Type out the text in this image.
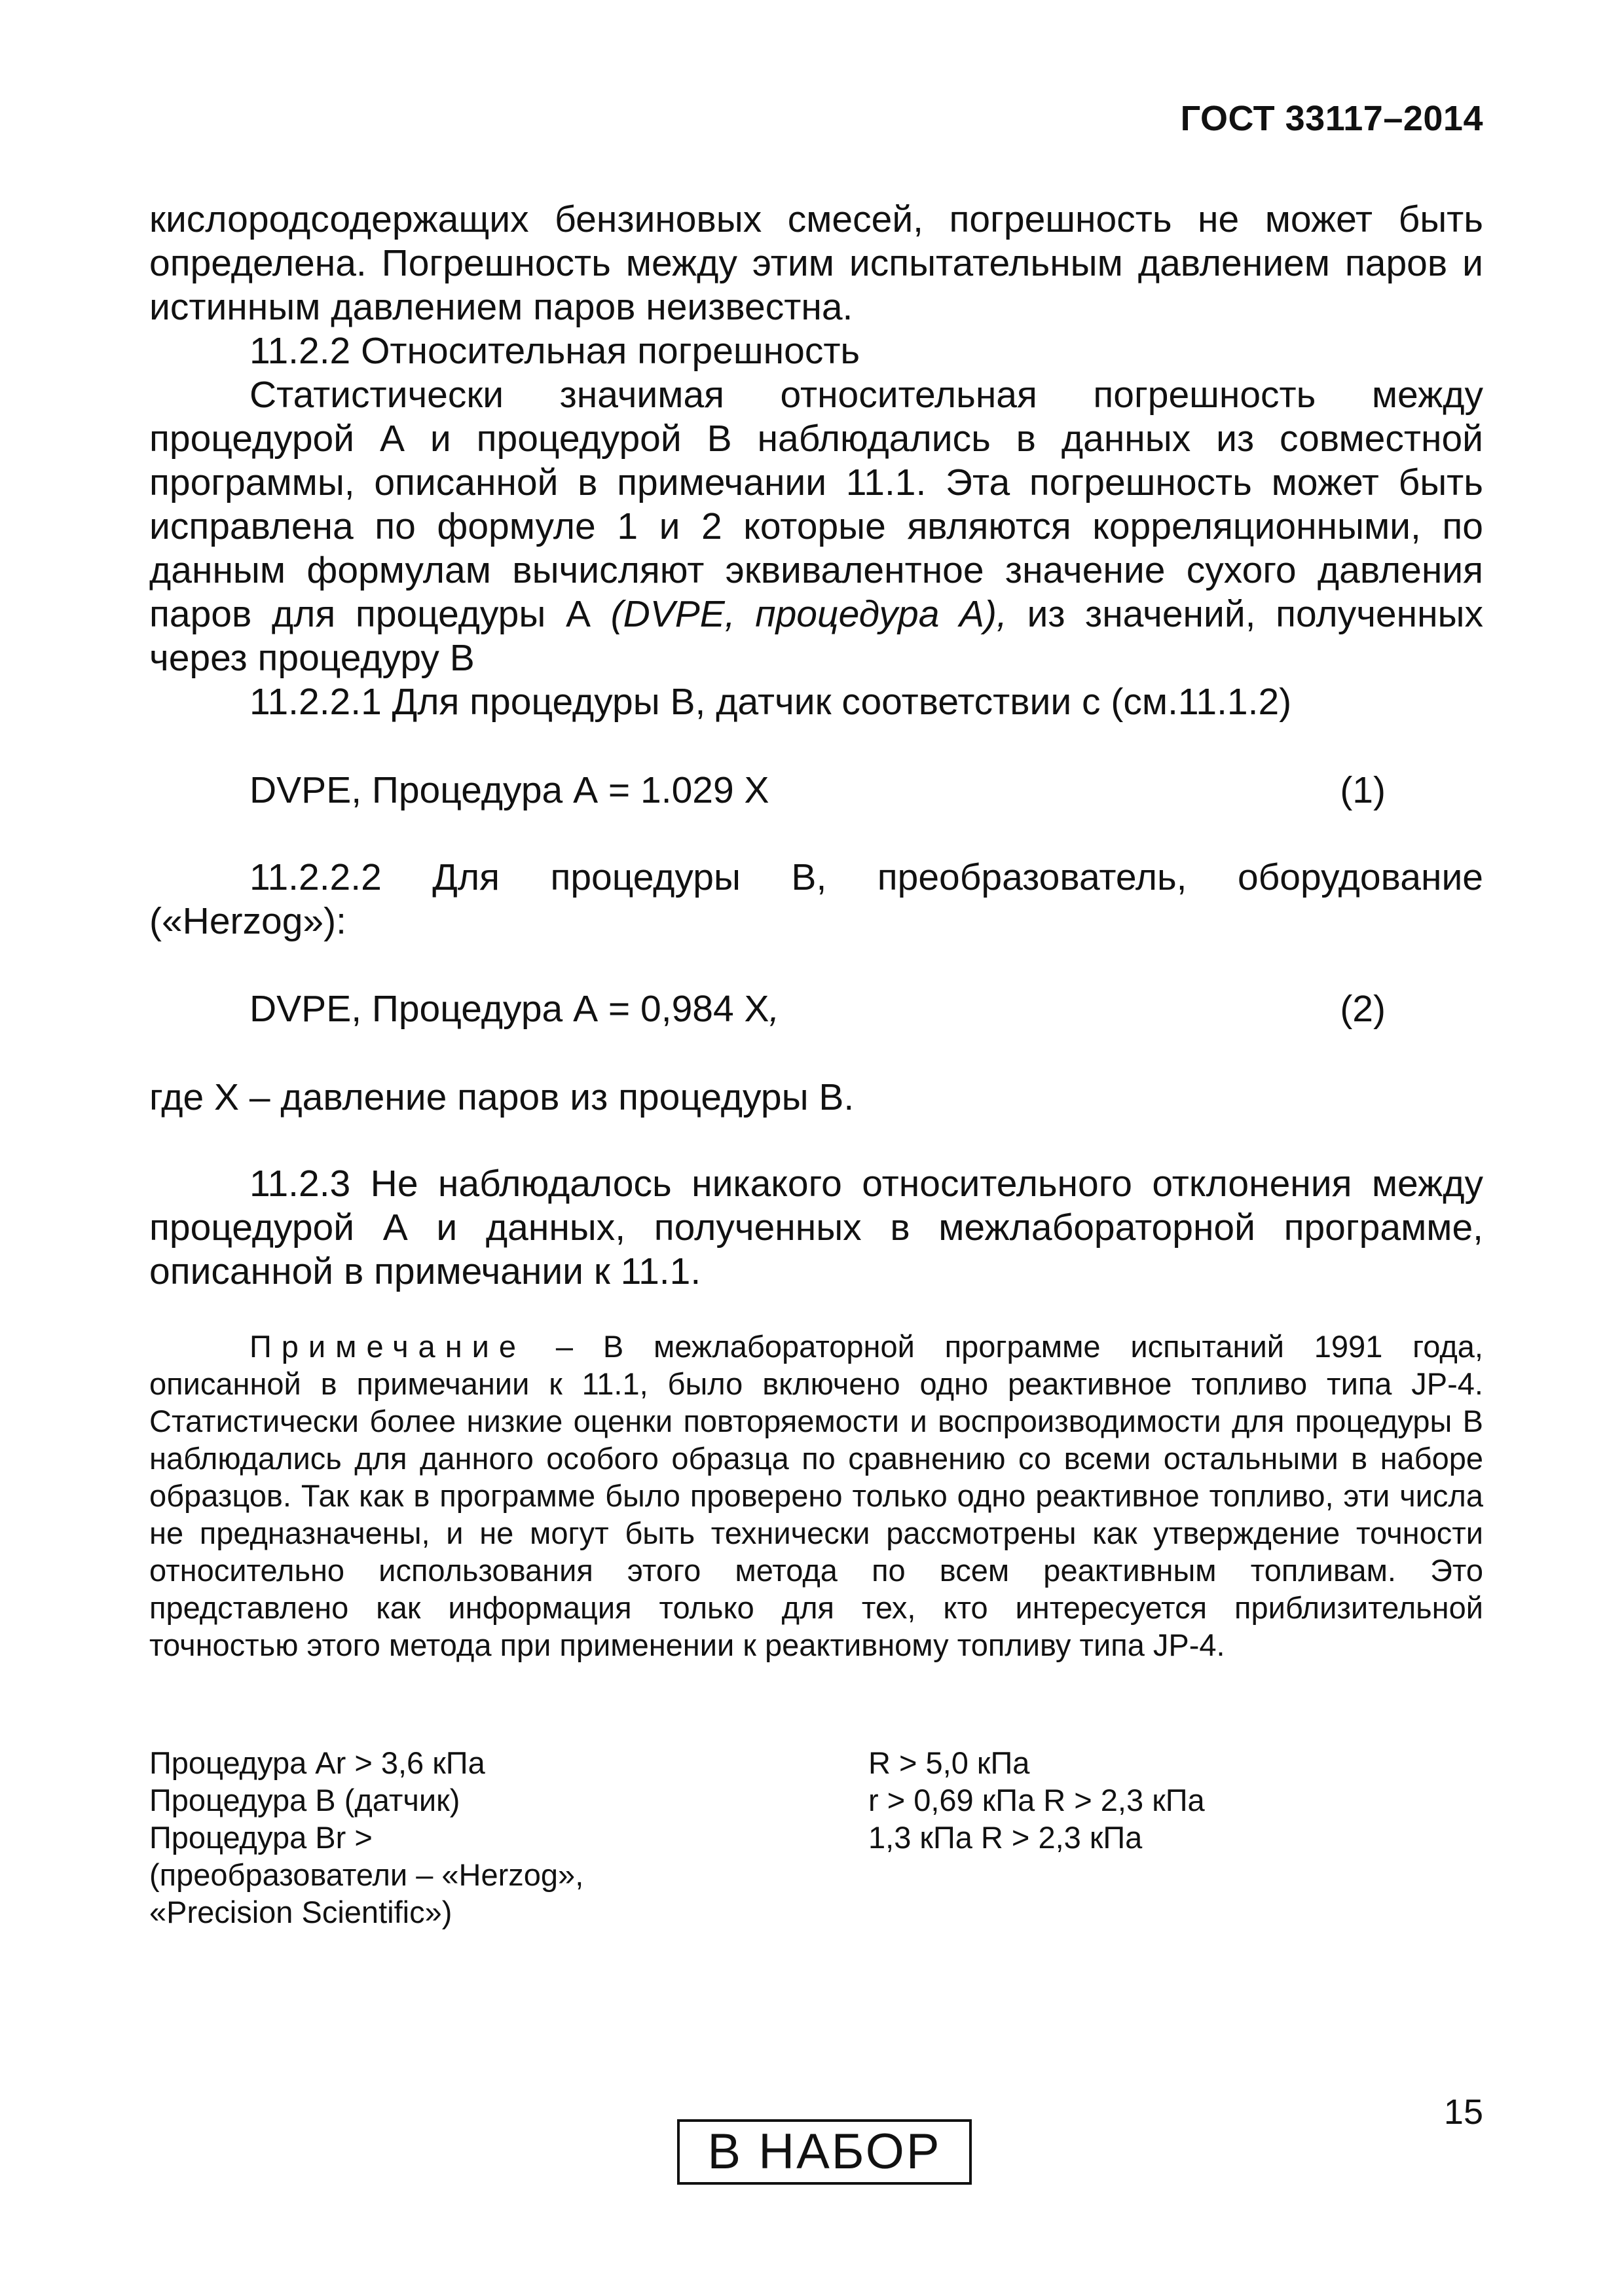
ГОСТ 33117–2014

кислородсодержащих бензиновых смесей, погрешность не может быть определена. Погрешность между этим испытательным давлением паров и истинным давлением паров неизвестна.

11.2.2 Относительная погрешность

Статистически значимая относительная погрешность между процедурой А и процедурой В наблюдались в данных из совместной программы, описанной в примечании 11.1. Эта погрешность может быть исправлена по формуле 1 и 2 которые являются корреляционными, по данным формулам вычисляют эквивалентное значение сухого давления паров для процедуры А (DVPE, процедура А), из значений, полученных через процедуру В

11.2.2.1 Для процедуры В, датчик соответствии с (см.11.1.2)

DVPE, Процедура А = 1.029 Х	(1)

11.2.2.2 Для процедуры В, преобразователь, оборудование («Herzog»):

DVPE, Процедура А = 0,984 Х,	(2)

где Х – давление паров из процедуры В.

11.2.3 Не наблюдалось никакого относительного отклонения между процедурой А и данных, полученных в межлабораторной программе, описанной в примечании к 11.1.

Примечание – В межлабораторной программе испытаний 1991 года, описанной в примечании к 11.1, было включено одно реактивное топливо типа JP-4. Статистически более низкие оценки повторяемости и воспроизводимости для процедуры В наблюдались для данного особого образца по сравнению со всеми остальными в наборе образцов. Так как в программе было проверено только одно реактивное топливо, эти числа не предназначены, и не могут быть технически рассмотрены как утверждение точности относительно использования этого метода по всем реактивным топливам. Это представлено как информация только для тех, кто интересуется приблизительной точностью этого метода при применении к реактивному топливу типа JP-4.

Процедура Аr > 3,6 кПа	R > 5,0 кПа
Процедура В (датчик)	r > 0,69 кПа R > 2,3 кПа
Процедура Вr >	1,3 кПа R > 2,3 кПа
(преобразователи – «Herzog»,
«Precision Scientific»)
15
В НАБОР
